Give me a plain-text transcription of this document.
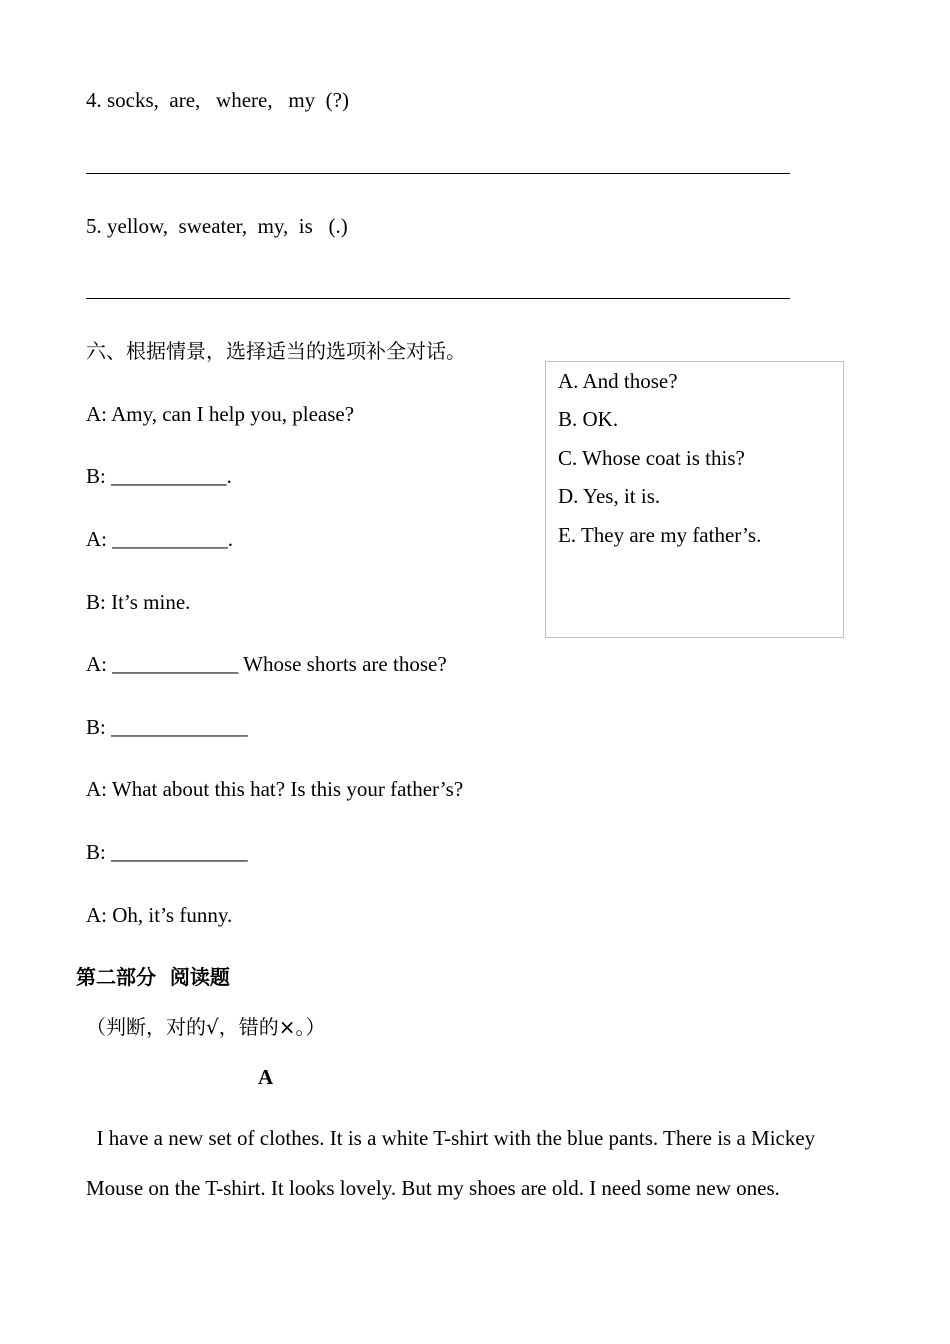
4. socks,  are,   where,   my  (?)
5. yellow,  sweater,  my,  is   (.)
六、根据情景，选择适当的选项补全对话。
A: Amy, can I help you, please?
B: ___________.
A: ___________.
B: It’s mine.
A: ____________ Whose shorts are those?
B: _____________
A: What about this hat? Is this your father’s?
B: _____________
A: Oh, it’s funny.
A. And those?
B. OK.
C. Whose coat is this?
D. Yes, it is.
E. They are my father’s.
第二部分  阅读题
（判断，对的√，错的×。）
A
I have a new set of clothes. It is a white T-shirt with the blue pants. There is a Mickey Mouse on the T-shirt. It looks lovely. But my shoes are old. I need some new ones.
